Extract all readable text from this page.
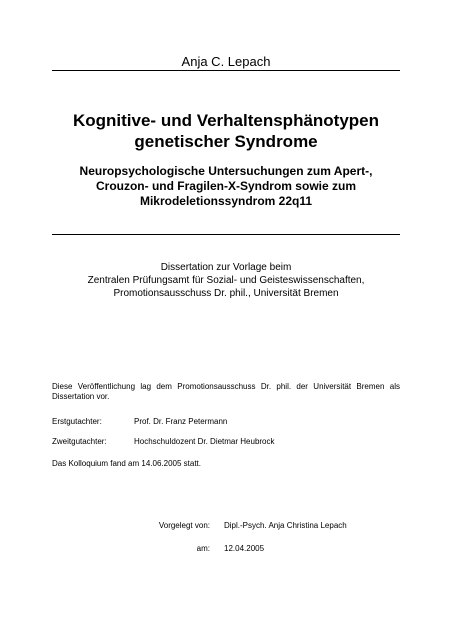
Anja C. Lepach
Kognitive- und Verhaltensphänotypen
genetischer Syndrome
Neuropsychologische Untersuchungen zum Apert-,
Crouzon- und Fragilen-X-Syndrom sowie zum
Mikrodeletionssyndrom 22q11
Dissertation zur Vorlage beim
Zentralen Prüfungsamt für Sozial- und Geisteswissenschaften,
Promotionsausschuss Dr. phil., Universität Bremen
Diese Veröffentlichung lag dem Promotionsausschuss Dr. phil. der Universität Bremen als Dissertation vor.
Erstgutachter:	Prof. Dr. Franz Petermann
Zweitgutachter:	Hochschuldozent Dr. Dietmar Heubrock
Das Kolloquium fand am 14.06.2005 statt.
Vorgelegt von: Dipl.-Psych. Anja Christina Lepach
am: 12.04.2005
